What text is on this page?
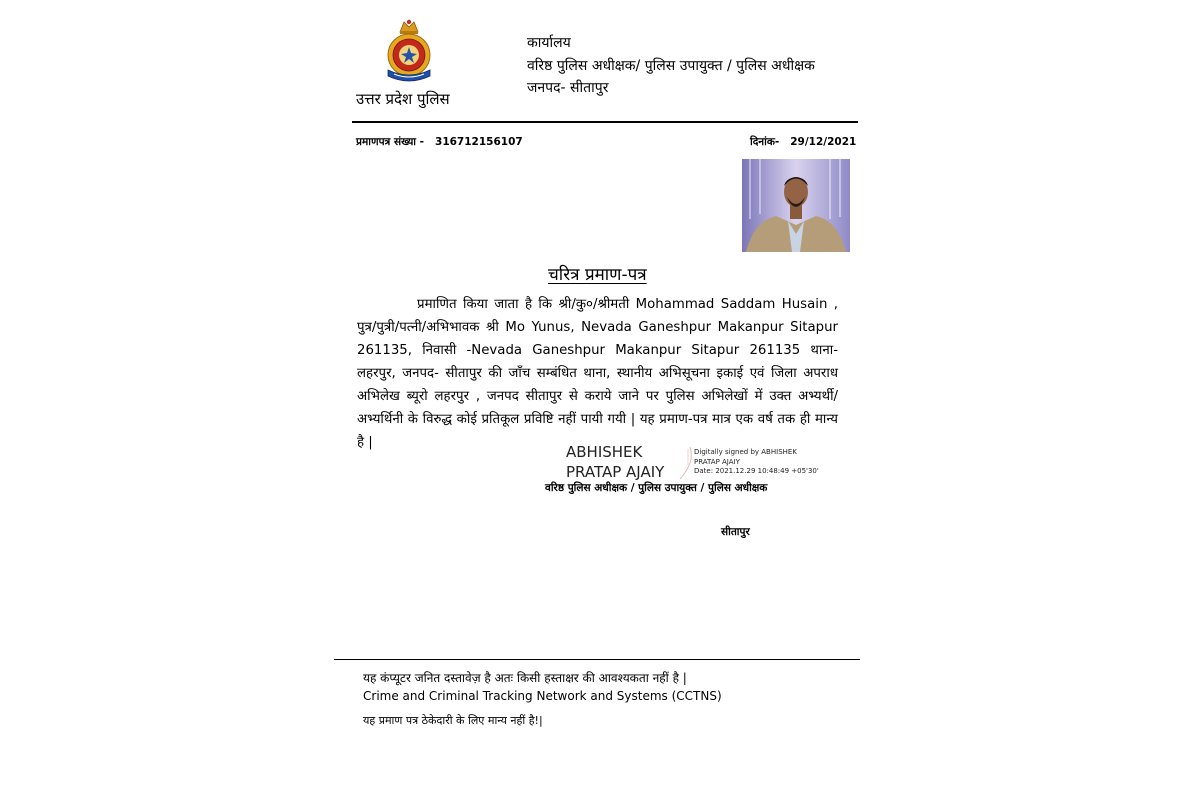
उत्तर प्रदेश पुलिस
कार्यालय
वरिष्ठ पुलिस अधीक्षक/ पुलिस उपायुक्त / पुलिस अधीक्षक
जनपद- सीतापुर
प्रमाणपत्र संख्या - 316712156107	दिनांक- 29/12/2021
चरित्र प्रमाण-पत्र
प्रमाणित किया जाता है कि श्री/कु०/श्रीमती Mohammad Saddam Husain , पुत्र/पुत्री/पत्नी/अभिभावक श्री Mo Yunus, Nevada Ganeshpur Makanpur Sitapur 261135, निवासी -Nevada Ganeshpur Makanpur Sitapur 261135 थाना- लहरपुर, जनपद- सीतापुर की जाँच सम्बंधित थाना, स्थानीय अभिसूचना इकाई एवं जिला अपराध अभिलेख ब्यूरो लहरपुर , जनपद सीतापुर से कराये जाने पर पुलिस अभिलेखों में उक्त अभ्यर्थी/अभ्यर्थिनी के विरुद्ध कोई प्रतिकूल प्रविष्टि नहीं पायी गयी | यह प्रमाण-पत्र मात्र एक वर्ष तक ही मान्य है |
ABHISHEK
PRATAP AJAIY
Digitally signed by ABHISHEK
PRATAP AJAIY
Date: 2021.12.29 10:48:49 +05'30'
वरिष्ठ पुलिस अधीक्षक / पुलिस उपायुक्त / पुलिस अधीक्षक
सीतापुर
यह कंप्यूटर जनित दस्तावेज़ है अतः किसी हस्ताक्षर की आवश्यकता नहीं है |
Crime and Criminal Tracking Network and Systems (CCTNS)
यह प्रमाण पत्र ठेकेदारी के लिए मान्य नहीं है!|
